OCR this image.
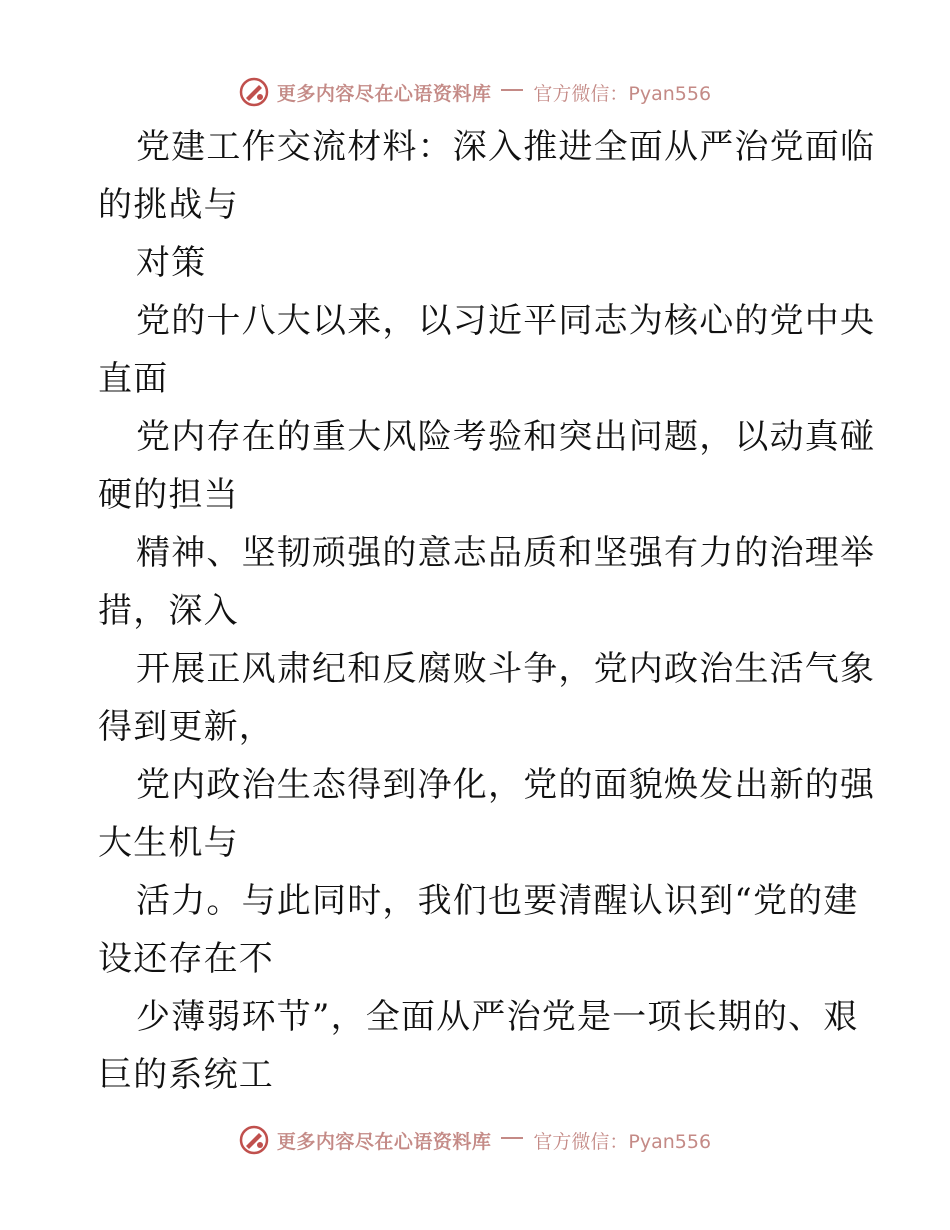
更多内容尽在心语资料库 官方微信：Pyan556

党建工作交流材料：深入推进全面从严治党面临

的挑战与

对策

党的十八大以来，以习近平同志为核心的党中央

直面

党内存在的重大风险考验和突出问题，以动真碰

硬的担当

精神、坚韧顽强的意志品质和坚强有力的治理举

措，深入

开展正风肃纪和反腐败斗争，党内政治生活气象

得到更新，

党内政治生态得到净化，党的面貌焕发出新的强

大生机与

活力。与此同时，我们也要清醒认识到“党的建

设还存在不

少薄弱环节”，全面从严治党是一项长期的、艰

巨的系统工

更多内容尽在心语资料库 官方微信：Pyan556
